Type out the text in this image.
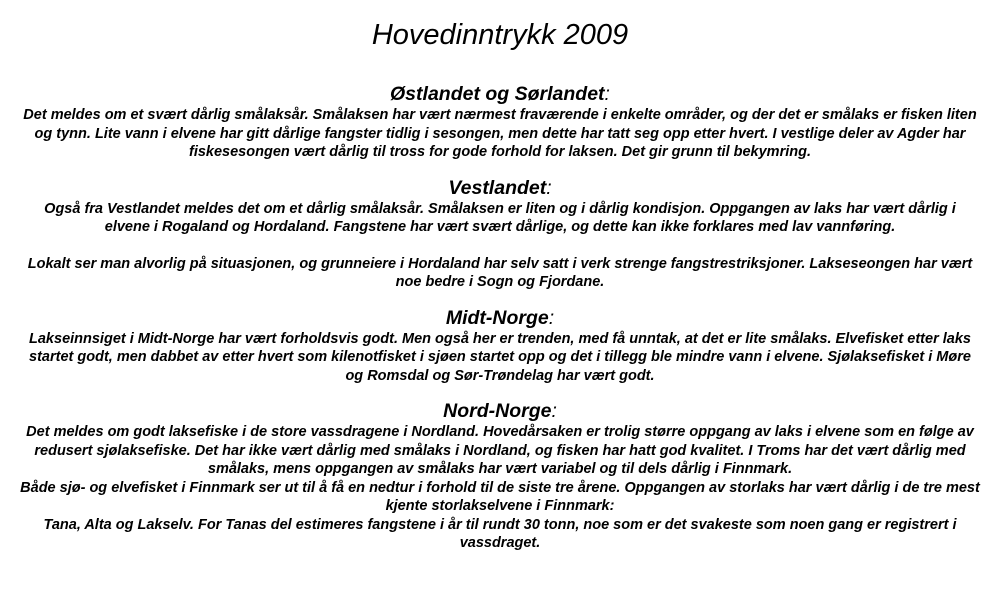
Hovedinntrykk 2009
Østlandet og Sørlandet:

Det meldes om et svært dårlig smålaksår. Smålaksen har vært nærmest fraværende i enkelte områder, og der det er smålaks er fisken liten og tynn. Lite vann i elvene har gitt dårlige fangster tidlig i sesongen, men dette har tatt seg opp etter hvert. I vestlige deler av Agder har fiskesesongen vært dårlig til tross for gode forhold for laksen. Det gir grunn til bekymring.

Vestlandet:

Også fra Vestlandet meldes det om et dårlig smålaksår. Smålaksen er liten og i dårlig kondisjon. Oppgangen av laks har vært dårlig i elvene i Rogaland og Hordaland. Fangstene har vært svært dårlige, og dette kan ikke forklares med lav vannføring.

Lokalt ser man alvorlig på situasjonen, og grunneiere i Hordaland har selv satt i verk strenge fangstrestriksjoner. Lakseseongen har vært noe bedre i Sogn og Fjordane.

Midt-Norge:

Lakseinnsiget i Midt-Norge har vært forholdsvis godt. Men også her er trenden, med få unntak, at det er lite smålaks. Elvefisket etter laks startet godt, men dabbet av etter hvert som kilenotfisket i sjøen startet opp og det i tillegg ble mindre vann i elvene. Sjølaksefisket i Møre og Romsdal og Sør-Trøndelag har vært godt.

Nord-Norge:

Det meldes om godt laksefiske i de store vassdragene i Nordland. Hovedårsaken er trolig større oppgang av laks i elvene som en følge av redusert sjølaksefiske. Det har ikke vært dårlig med smålaks i Nordland, og fisken har hatt god kvalitet. I Troms har det vært dårlig med smålaks, mens oppgangen av smålaks har vært variabel og til dels dårlig i Finnmark.

Både sjø- og elvefisket i Finnmark ser ut til å få en nedtur i forhold til de siste tre årene. Oppgangen av storlaks har vært dårlig i de tre mest kjente storlakselvene i Finnmark:

Tana, Alta og Lakselv. For Tanas del estimeres fangstene i år til rundt 30 tonn, noe som er det svakeste som noen gang er registrert i vassdraget.
